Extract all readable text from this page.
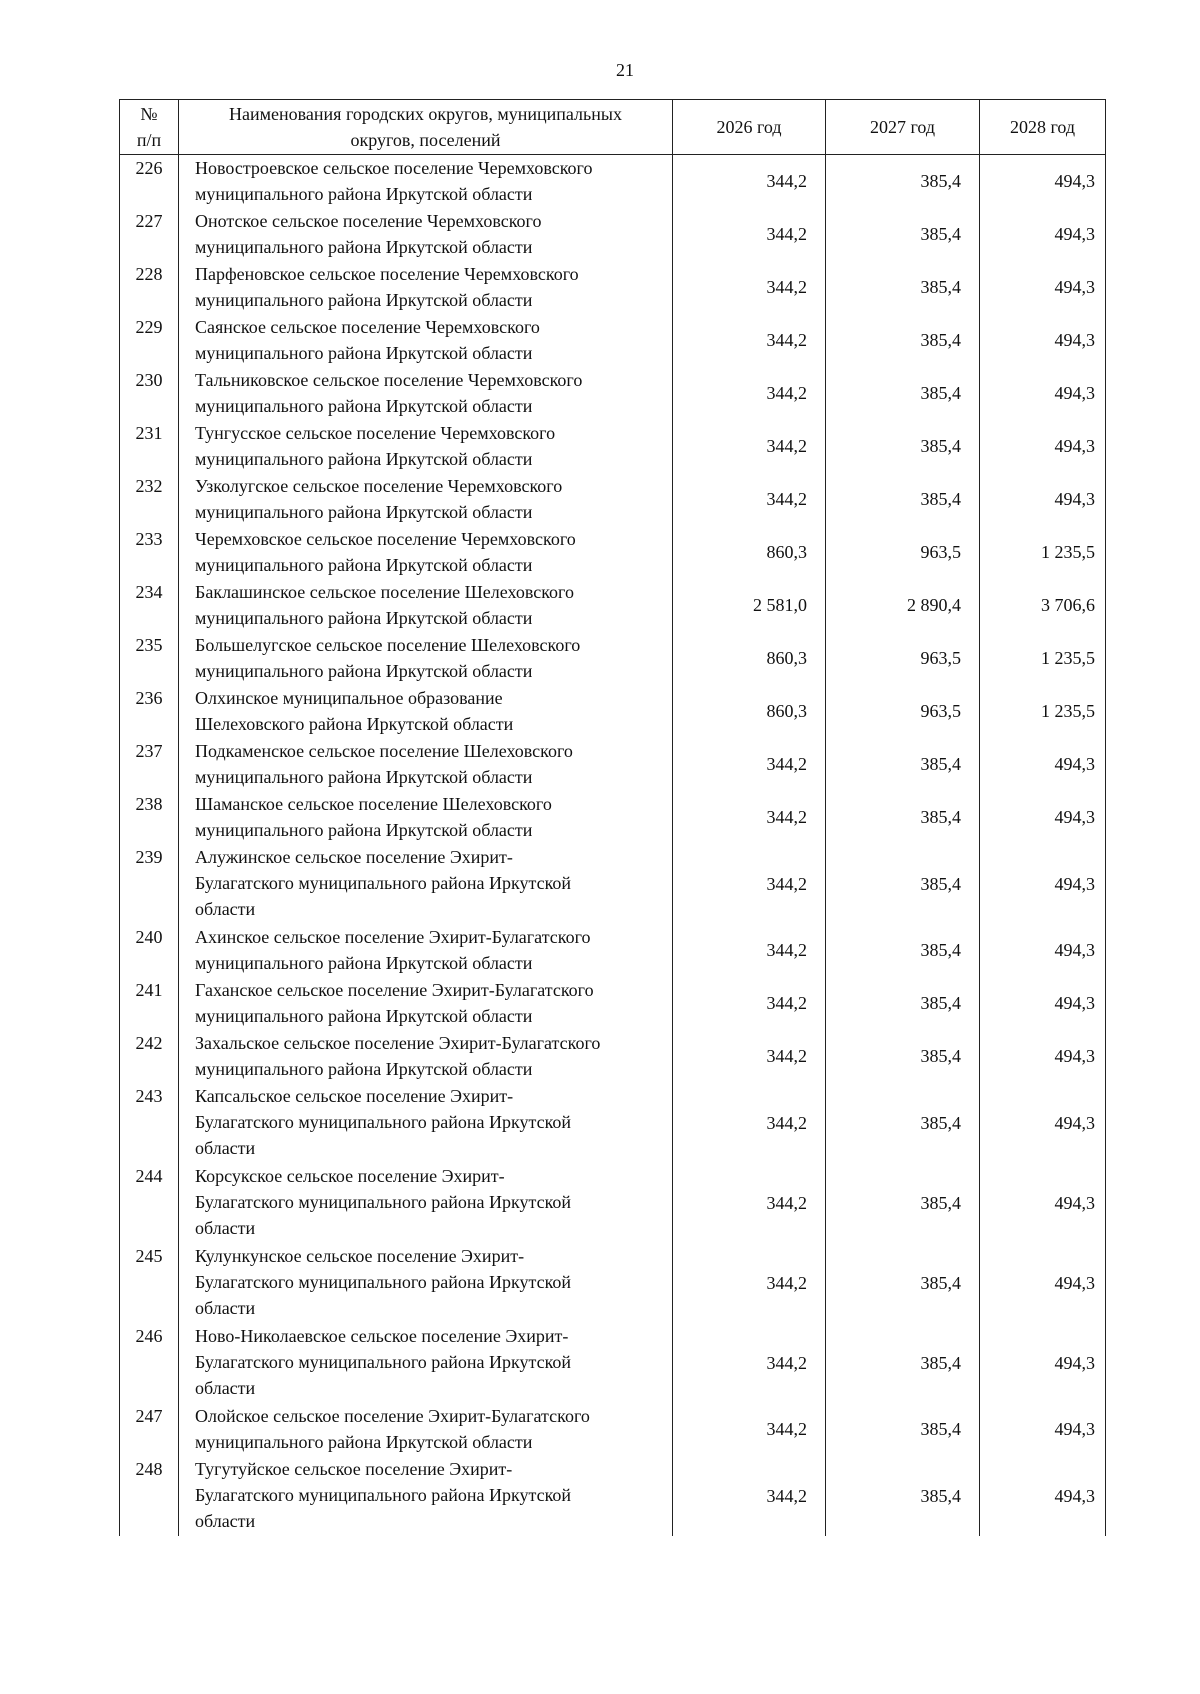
21
№
п/п	Наименования городских округов, муниципальных
округов, поселений	2026 год	2027 год	2028 год
226	Новостроевское сельское поселение Черемховского
муниципального района Иркутской области	344,2	385,4	494,3
227	Онотское сельское поселение Черемховского
муниципального района Иркутской области	344,2	385,4	494,3
228	Парфеновское сельское поселение Черемховского
муниципального района Иркутской области	344,2	385,4	494,3
229	Саянское сельское поселение Черемховского
муниципального района Иркутской области	344,2	385,4	494,3
230	Тальниковское сельское поселение Черемховского
муниципального района Иркутской области	344,2	385,4	494,3
231	Тунгусское сельское поселение Черемховского
муниципального района Иркутской области	344,2	385,4	494,3
232	Узколугское сельское поселение Черемховского
муниципального района Иркутской области	344,2	385,4	494,3
233	Черемховское сельское поселение Черемховского
муниципального района Иркутской области	860,3	963,5	1 235,5
234	Баклашинское сельское поселение Шелеховского
муниципального района Иркутской области	2 581,0	2 890,4	3 706,6
235	Большелугское сельское поселение Шелеховского
муниципального района Иркутской области	860,3	963,5	1 235,5
236	Олхинское муниципальное образование
Шелеховского района Иркутской области	860,3	963,5	1 235,5
237	Подкаменское сельское поселение Шелеховского
муниципального района Иркутской области	344,2	385,4	494,3
238	Шаманское сельское поселение Шелеховского
муниципального района Иркутской области	344,2	385,4	494,3
239	Алужинское сельское поселение Эхирит-
Булагатского муниципального района Иркутской
области	344,2	385,4	494,3
240	Ахинское сельское поселение Эхирит-Булагатского
муниципального района Иркутской области	344,2	385,4	494,3
241	Гаханское сельское поселение Эхирит-Булагатского
муниципального района Иркутской области	344,2	385,4	494,3
242	Захальское сельское поселение Эхирит-Булагатского
муниципального района Иркутской области	344,2	385,4	494,3
243	Капсальское сельское поселение Эхирит-
Булагатского муниципального района Иркутской
области	344,2	385,4	494,3
244	Корсукское сельское поселение Эхирит-
Булагатского муниципального района Иркутской
области	344,2	385,4	494,3
245	Кулункунское сельское поселение Эхирит-
Булагатского муниципального района Иркутской
области	344,2	385,4	494,3
246	Ново-Николаевское сельское поселение Эхирит-
Булагатского муниципального района Иркутской
области	344,2	385,4	494,3
247	Олойское сельское поселение Эхирит-Булагатского
муниципального района Иркутской области	344,2	385,4	494,3
248	Тугутуйское сельское поселение Эхирит-
Булагатского муниципального района Иркутской
области	344,2	385,4	494,3
